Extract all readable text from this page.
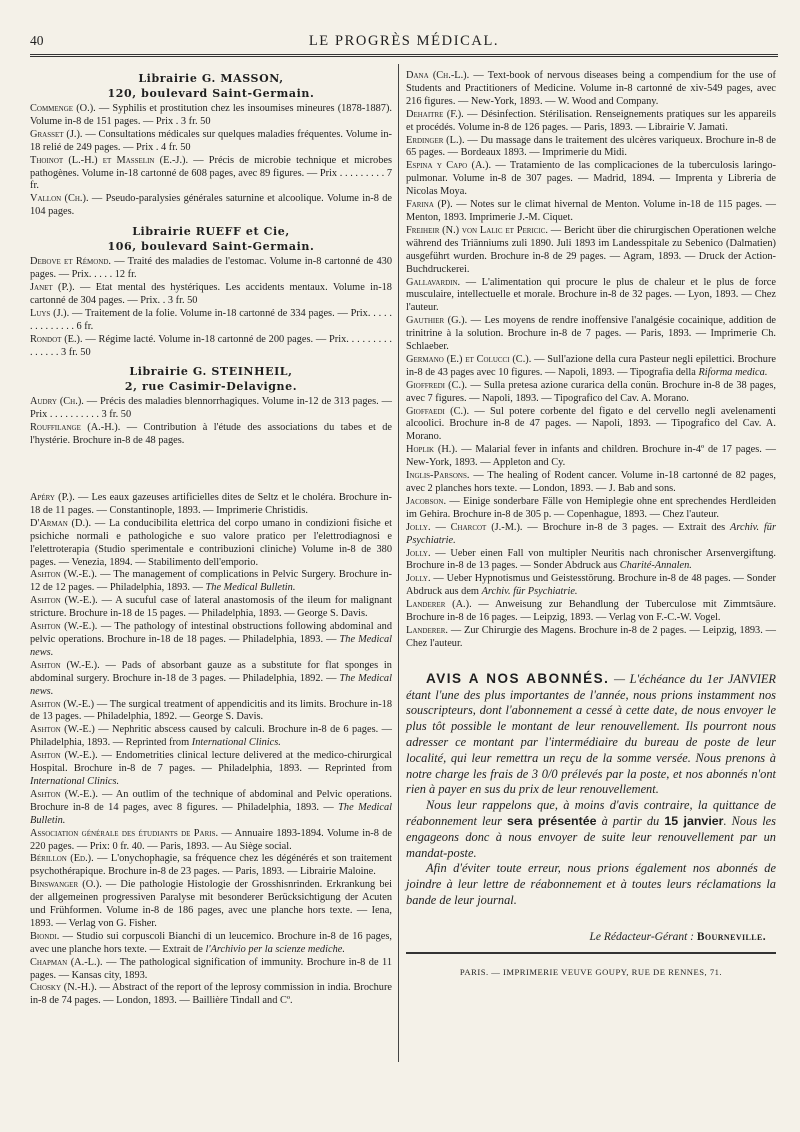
40	LE PROGRÈS MÉDICAL.
Librairie G. MASSON,
120, boulevard Saint-Germain.
Commenge (O.). — Syphilis et prostitution chez les insoumises mineures (1878-1887). Volume in-8 de 151 pages. — Prix . 3 fr. 50
Grasset (J.). — Consultations médicales sur quelques maladies fréquentes. Volume in-18 relié de 249 pages. — Prix . 4 fr. 50
Thoinot (L.-H.) et Masselin (E.-J.). — Précis de microbie technique et microbes pathogènes. Volume in-18 cartonné de 608 pages, avec 89 figures. — Prix . . . . . . . . . 7 fr.
Vallon (Ch.). — Pseudo-paralysies générales saturnine et alcoolique. Volume in-8 de 104 pages.
Librairie RUEFF et Cie,
106, boulevard Saint-Germain.
Debove et Rémond. — Traité des maladies de l'estomac. Volume in-8 cartonné de 430 pages. — Prix. . . . . 12 fr.
Janet (P.). — Etat mental des hystériques. Les accidents mentaux. Volume in-18 cartonné de 304 pages. — Prix. . 3 fr. 50
Luys (J.). — Traitement de la folie. Volume in-18 cartonné de 334 pages. — Prix. . . . . . . . . . . . . . 6 fr.
Rondot (E.). — Régime lacté. Volume in-18 cartonné de 200 pages. — Prix. . . . . . . . . . . . . . . 3 fr. 50
Librairie G. STEINHEIL,
2, rue Casimir-Delavigne.
Audry (Ch.). — Précis des maladies blennorrhagiques. Volume in-12 de 313 pages. — Prix . . . . . . . . . . 3 fr. 50
Rouffilange (A.-H.). — Contribution à l'étude des associations du tabes et de l'hystérie. Brochure in-8 de 48 pages.
Apéry (P.). — Les eaux gazeuses artificielles dites de Seltz et le choléra. Brochure in-18 de 11 pages. — Constantinople, 1893. — Imprimerie Christidis.
D'Arman (D.). — La conducibilita elettrica del corpo umano in condizioni fisiche et psichiche normali e pathologiche e suo valore pratico per l'elettrodiagnosi e l'elettroterapia (Studio sperimentale e contribuzioni cliniche) Volume in-8 de 380 pages. — Venezia, 1894. — Stabilimento dell'emporio.
Ashton (W.-E.). — The management of complications in Pelvic Surgery. Brochure in-12 de 12 pages. — Philadelphia, 1893. — The Medical Bulletin.
Ashton (W.-E.). — A sucuful case of lateral anastomosis of the ileum for malignant stricture. Brochure in-18 de 15 pages. — Philadelphia, 1893. — George S. Davis.
Ashton (W.-E.). — The pathology of intestinal obstructions following abdominal and pelvic operations. Brochure in-18 de 18 pages. — Philadelphia, 1893. — The Medical news.
Ashton (W.-E.). — Pads of absorbant gauze as a substitute for flat sponges in abdominal surgery. Brochure in-18 de 3 pages. — Philadelphia, 1892. — The Medical news.
Ashton (W.-E.) — The surgical treatment of appendicitis and its limits. Brochure in-18 de 13 pages. — Philadelphia, 1892. — George S. Davis.
Ashton (W.-E.) — Nephritic abscess caused by calculi. Brochure in-8 de 6 pages. — Philadelphia, 1893. — Reprinted from International Clinics.
Ashton (W.-E.). — Endometrities clinical lecture delivered at the medico-chirurgical Hospital. Brochure in-8 de 7 pages. — Philadelphia, 1893. — Reprinted from International Clinics.
Ashton (W.-E.). — An outlim of the technique of abdominal and Pelvic operations. Brochure in-8 de 14 pages, avec 8 figures. — Philadelphia, 1893. — The Medical Bulletin.
Association générale des étudiants de Paris. — Annuaire 1893-1894. Volume in-8 de 220 pages. — Prix: 0 fr. 40. — Paris, 1893. — Au Siège social.
Bérillon (Ed.). — L'onychophagie, sa fréquence chez les dégénérés et son traitement psychothérapique. Brochure in-8 de 23 pages. — Paris, 1893. — Librairie Maloine.
Binswanger (O.). — Die pathologie Histologie der Grosshisnrinden. Erkrankung bei der allgemeinen progressiven Paralyse mit besonderer Berücksichtigung der Acuten und Frühformen. Volume in-8 de 186 pages, avec une planche hors texte. — Iena, 1893. — Verlag von G. Fisher.
Biondi. — Studio sui corpuscoli Bianchi di un leucemico. Brochure in-8 de 16 pages, avec une planche hors texte. — Extrait de l'Archivio per la scienze mediche.
Chapman (A.-L.). — The pathological signification of immunity. Brochure in-8 de 11 pages. — Kansas city, 1893.
Chosky (N.-H.). — Abstract of the report of the leprosy commission in india. Brochure in-8 de 74 pages. — London, 1893. — Baillière Tindall and Cº.
Dana (Ch.-L.). — Text-book of nervous diseases being a compendium for the use of Students and Practitioners of Medicine. Volume in-8 cartonné de xiv-549 pages, avec 216 figures. — New-York, 1893. — W. Wood and Company.
Dehaitre (F.). — Désinfection. Stérilisation. Renseignements pratiques sur les appareils et procédés. Volume in-8 de 126 pages. — Paris, 1893. — Librairie V. Jamati.
Erdinger (L.). — Du massage dans le traitement des ulcères variqueux. Brochure in-8 de 65 pages. — Bordeaux 1893. — Imprimerie du Midi.
Espina y Capo (A.). — Tratamiento de las complicaciones de la tuberculosis laringo-pulmonar. Volume in-8 de 307 pages. — Madrid, 1894. — Imprenta y Libreria de Nicolas Moya.
Farina (P). — Notes sur le climat hivernal de Menton. Volume in-18 de 115 pages. — Menton, 1893. Imprimerie J.-M. Ciquet.
Freiheir (N.) von Lalic et Pericic. — Bericht über die chirurgischen Operationen welche während des Triänniums zuli 1890. Juli 1893 im Landesspitale zu Sebenico (Dalmatien) ausgeführt wurden. Brochure in-8 de 29 pages. — Agram, 1893. — Druck der Action-Buchdruckerei.
Gallavardin. — L'alimentation qui procure le plus de chaleur et le plus de force musculaire, intellectuelle et morale. Brochure in-8 de 32 pages. — Lyon, 1893. — Chez l'auteur.
Gauthier (G.). — Les moyens de rendre inoffensive l'analgésie cocainique, addition de trinitrine à la solution. Brochure in-8 de 7 pages. — Paris, 1893. — Imprimerie Ch. Schlaeber.
Germano (E.) et Colucci (C.). — Sull'azione della cura Pasteur negli epilettici. Brochure in-8 de 43 pages avec 10 figures. — Napoli, 1893. — Tipografia della Riforma medica.
Gioffredi (C.). — Sulla pretesa azione curarica della conün. Brochure in-8 de 38 pages, avec 7 figures. — Napoli, 1893. — Tipografico del Cav. A. Morano.
Gioffaedi (C.). — Sul potere corbente del figato e del cervello negli avelenamenti alcoolici. Brochure in-8 de 47 pages. — Napoli, 1893. — Tipografico del Cav. A. Morano.
Hoplik (H.). — Malarial fever in infants and children. Brochure in-4º de 17 pages. — New-York, 1893. — Appleton and Cy.
Inglis-Parsons. — The healing of Rodent cancer. Volume in-18 cartonné de 82 pages, avec 2 planches hors texte. — London, 1893. — J. Bab and sons.
Jacobson. — Einige sonderbare Fälle von Hemiplegie ohne ent sprechendes Herdleiden im Gehira. Brochure in-8 de 305 p. — Copenhague, 1893. — Chez l'auteur.
Jolly. — Charcot (J.-M.). — Brochure in-8 de 3 pages. — Extrait des Archiv. für Psychiatrie.
Jolly. — Ueber einen Fall von multipler Neuritis nach chronischer Arsenvergiftung. Brochure in-8 de 13 pages. — Sonder Abdruck aus Charité-Annalen.
Jolly. — Ueber Hypnotismus und Geistesstörung. Brochure in-8 de 48 pages. — Sonder Abdruck aus dem Archiv. für Psychiatrie.
Landerer (A.). — Anweisung zur Behandlung der Tuberculose mit Zimmtsäure. Brochure in-8 de 16 pages. — Leipzig, 1893. — Verlag von F.-C.-W. Vogel.
Landerer. — Zur Chirurgie des Magens. Brochure in-8 de 2 pages. — Leipzig, 1893. — Chez l'auteur.

AVIS A NOS ABONNÉS. — L'échéance du 1er JANVIER étant l'une des plus importantes de l'année, nous prions instamment nos souscripteurs, dont l'abonnement a cessé à cette date, de nous envoyer le plus tôt possible le montant de leur renouvellement. Ils pourront nous adresser ce montant par l'intermédiaire du bureau de poste de leur localité, qui leur remettra un reçu de la somme versée. Nous prenons à notre charge les frais de 3 0/0 prélevés par la poste, et nos abonnés n'ont rien à payer en sus du prix de leur renouvellement.

Nous leur rappelons que, à moins d'avis contraire, la quittance de réabonnement leur sera présentée à partir du 15 janvier. Nous les engageons donc à nous envoyer de suite leur renouvellement par un mandat-poste.

Afin d'éviter toute erreur, nous prions également nos abonnés de joindre à leur lettre de réabonnement et à toutes leurs réclamations la bande de leur journal.

Le Rédacteur-Gérant : Bourneville.
PARIS. — IMPRIMERIE VEUVE GOUPY, RUE DE RENNES, 71.
